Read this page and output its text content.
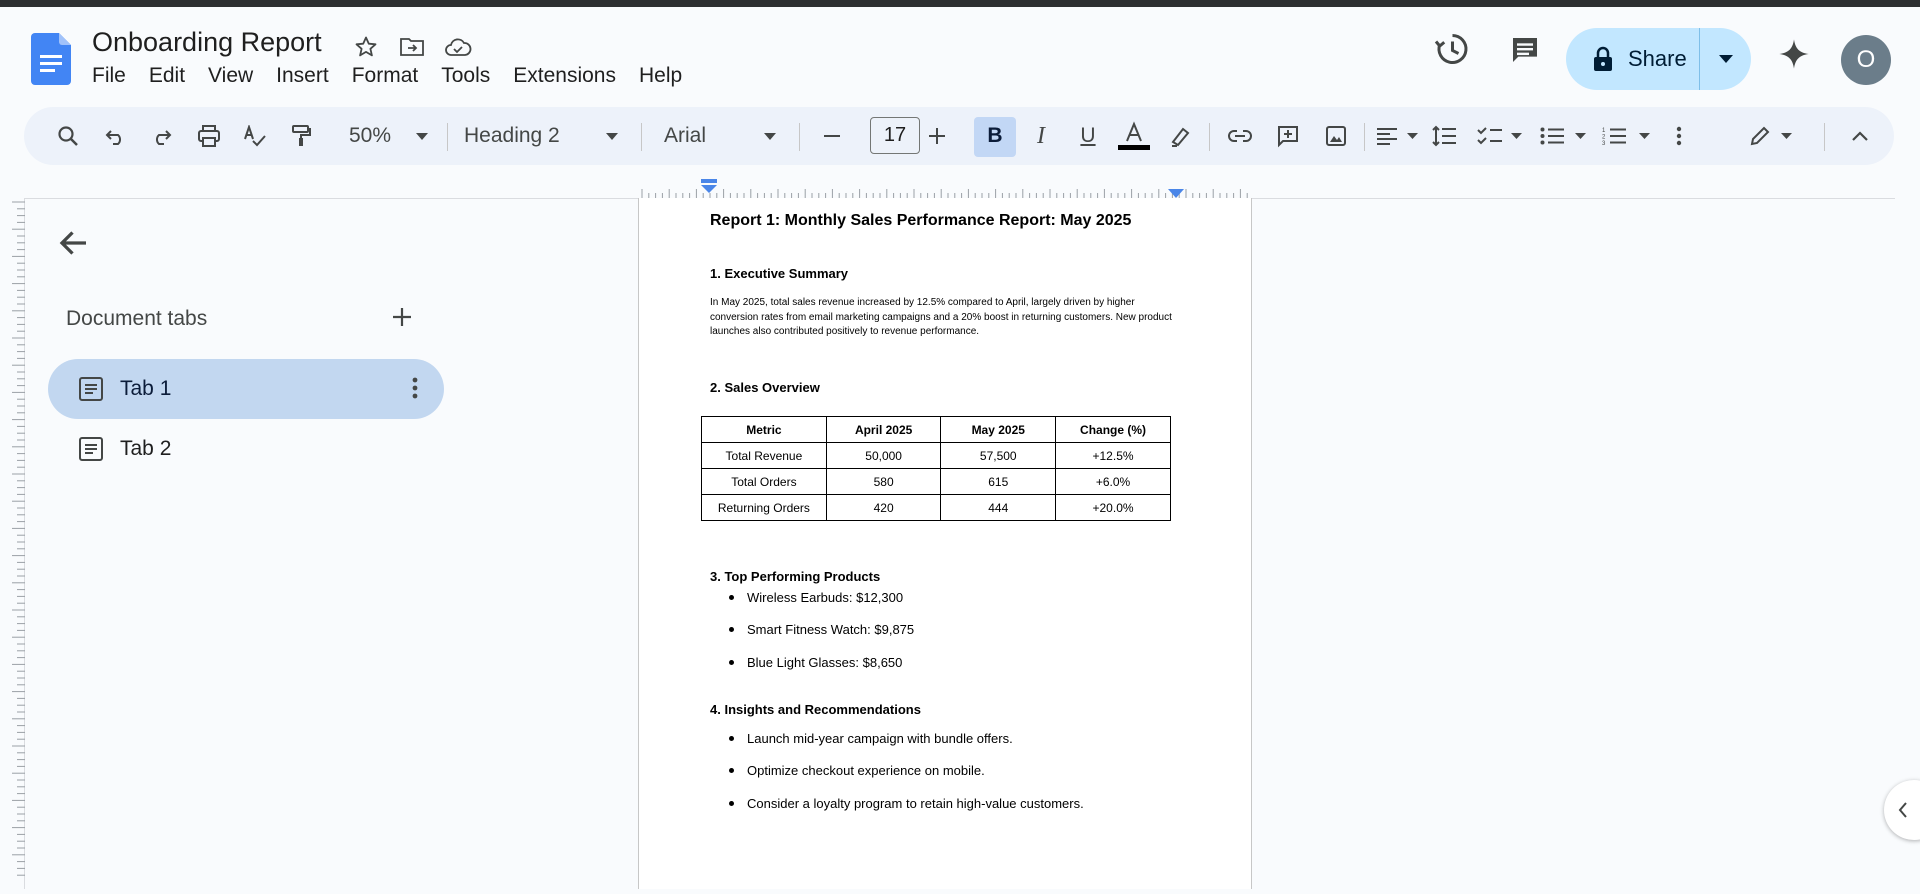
Onboarding Report
File Edit View Insert Format Tools Extensions Help
Share	O
50%	Heading 2	Arial	17	B	I	U	1
2
3
Document tabs
Tab 1
Tab 2
Report 1: Monthly Sales Performance Report: May 2025
1. Executive Summary
In May 2025, total sales revenue increased by 12.5% compared to April, largely driven by higher conversion rates from email marketing campaigns and a 20% boost in returning customers. New product launches also contributed positively to revenue performance.
2. Sales Overview
Metric	April 2025	May 2025	Change (%)
Total Revenue	50,000	57,500	+12.5%
Total Orders	580	615	+6.0%
Returning Orders	420	444	+20.0%
3. Top Performing Products
Wireless Earbuds: $12,300
Smart Fitness Watch: $9,875
Blue Light Glasses: $8,650
4. Insights and Recommendations
Launch mid-year campaign with bundle offers.
Optimize checkout experience on mobile.
Consider a loyalty program to retain high-value customers.
